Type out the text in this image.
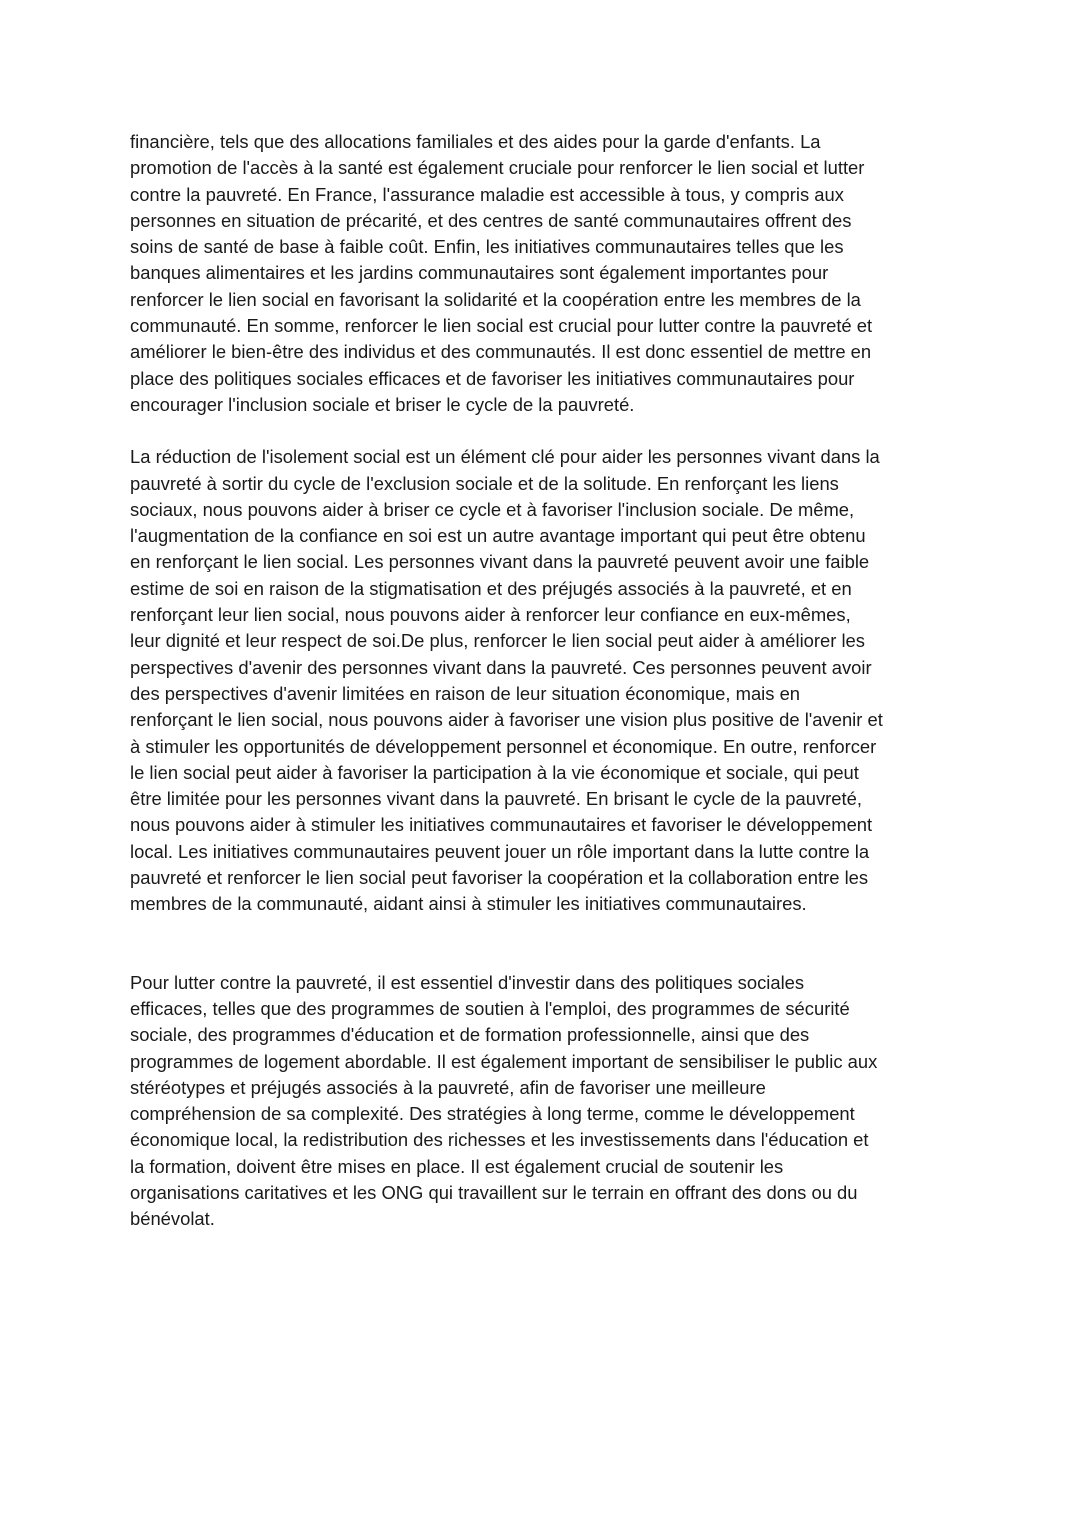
financière, tels que des allocations familiales et des aides pour la garde d'enfants. La
promotion de l'accès à la santé est également cruciale pour renforcer le lien social et lutter
contre la pauvreté. En France, l'assurance maladie est accessible à tous, y compris aux
personnes en situation de précarité, et des centres de santé communautaires offrent des
soins de santé de base à faible coût. Enfin, les initiatives communautaires telles que les
banques alimentaires et les jardins communautaires sont également importantes pour
renforcer le lien social en favorisant la solidarité et la coopération entre les membres de la
communauté. En somme, renforcer le lien social est crucial pour lutter contre la pauvreté et
améliorer le bien-être des individus et des communautés. Il est donc essentiel de mettre en
place des politiques sociales efficaces et de favoriser les initiatives communautaires pour
encourager l'inclusion sociale et briser le cycle de la pauvreté.

La réduction de l'isolement social est un élément clé pour aider les personnes vivant dans la
pauvreté à sortir du cycle de l'exclusion sociale et de la solitude. En renforçant les liens
sociaux, nous pouvons aider à briser ce cycle et à favoriser l'inclusion sociale. De même,
l'augmentation de la confiance en soi est un autre avantage important qui peut être obtenu
en renforçant le lien social. Les personnes vivant dans la pauvreté peuvent avoir une faible
estime de soi en raison de la stigmatisation et des préjugés associés à la pauvreté, et en
renforçant leur lien social, nous pouvons aider à renforcer leur confiance en eux-mêmes,
leur dignité et leur respect de soi.De plus, renforcer le lien social peut aider à améliorer les
perspectives d'avenir des personnes vivant dans la pauvreté. Ces personnes peuvent avoir
des perspectives d'avenir limitées en raison de leur situation économique, mais en
renforçant le lien social, nous pouvons aider à favoriser une vision plus positive de l'avenir et
à stimuler les opportunités de développement personnel et économique. En outre, renforcer
le lien social peut aider à favoriser la participation à la vie économique et sociale, qui peut
être limitée pour les personnes vivant dans la pauvreté. En brisant le cycle de la pauvreté,
nous pouvons aider à stimuler les initiatives communautaires et favoriser le développement
local. Les initiatives communautaires peuvent jouer un rôle important dans la lutte contre la
pauvreté et renforcer le lien social peut favoriser la coopération et la collaboration entre les
membres de la communauté, aidant ainsi à stimuler les initiatives communautaires.

Pour lutter contre la pauvreté, il est essentiel d'investir dans des politiques sociales
efficaces, telles que des programmes de soutien à l'emploi, des programmes de sécurité
sociale, des programmes d'éducation et de formation professionnelle, ainsi que des
programmes de logement abordable. Il est également important de sensibiliser le public aux
stéréotypes et préjugés associés à la pauvreté, afin de favoriser une meilleure
compréhension de sa complexité. Des stratégies à long terme, comme le développement
économique local, la redistribution des richesses et les investissements dans l'éducation et
la formation, doivent être mises en place. Il est également crucial de soutenir les
organisations caritatives et les ONG qui travaillent sur le terrain en offrant des dons ou du
bénévolat.
